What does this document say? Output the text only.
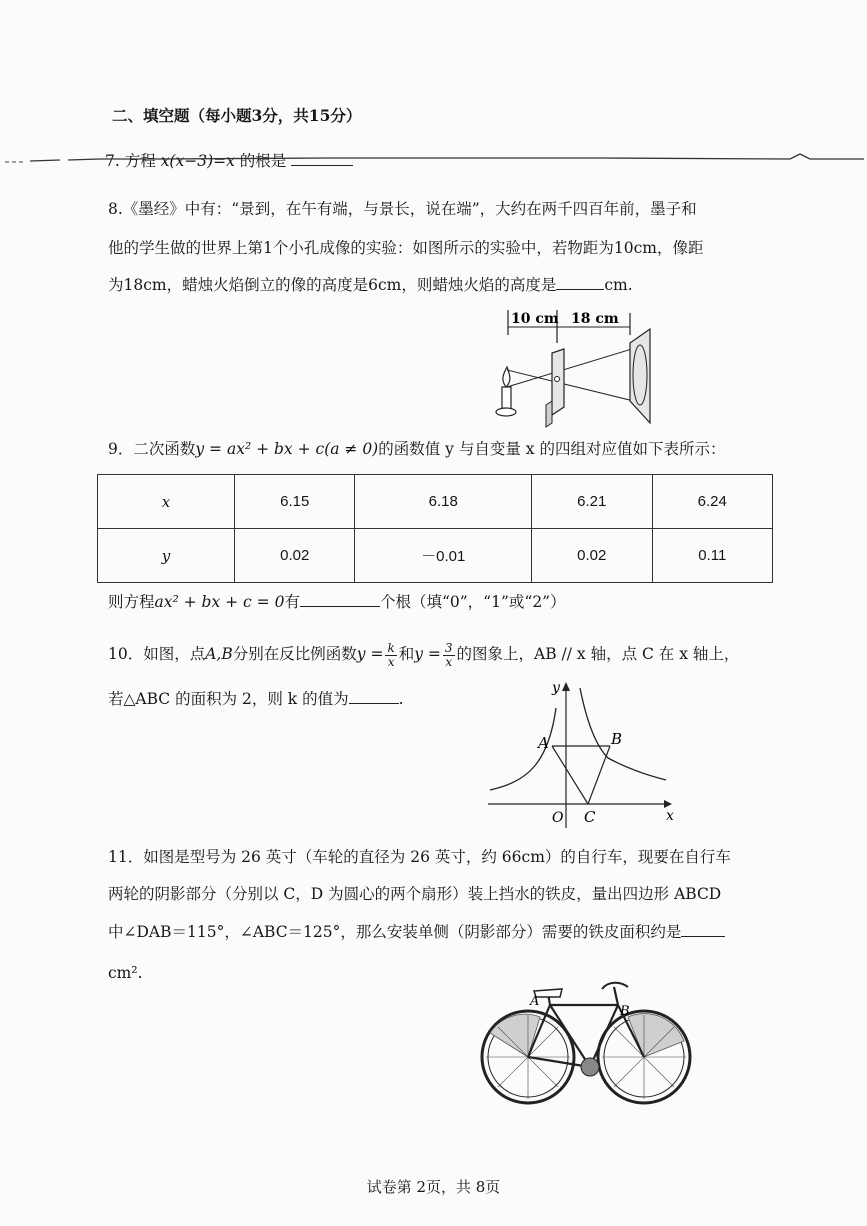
二、填空题（每小题3分，共15分）
7. 方程 x(x−3)=x 的根是
8.《墨经》中有：“景到，在午有端，与景长，说在端”，大约在两千四百年前，墨子和
他的学生做的世界上第1个小孔成像的实验：如图所示的实验中，若物距为10cm，像距
为18cm，蜡烛火焰倒立的像的高度是6cm，则蜡烛火焰的高度是	cm.
10 cm 18 cm
9．二次函数y = ax² + bx + c(a ≠ 0)的函数值 y 与自变量 x 的四组对应值如下表所示：
x	6.15	6.18	6.21	6.24
y	0.02	－0.01	0.02	0.11
则方程ax² + bx + c = 0有	个根（填“0”，“1”或“2”）
10．如图，点A,B分别在反比例函数$y = \frac{k}{x}$ 和$y = \frac{3}{x}$ 的图象上，AB // x 轴，点 C 在 x 轴上，
若△ABC 的面积为 2，则 k 的值为	.
y
x
O
A	B
C
11．如图是型号为 26 英寸（车轮的直径为 26 英寸，约 66cm）的自行车，现要在自行车
两轮的阴影部分（分别以 C，D 为圆心的两个扇形）装上挡水的铁皮，量出四边形 ABCD
中∠DAB＝115°，∠ABC＝125°，那么安装单侧（阴影部分）需要的铁皮面积约是
cm².
A
B
试卷第 2页，共 8页
